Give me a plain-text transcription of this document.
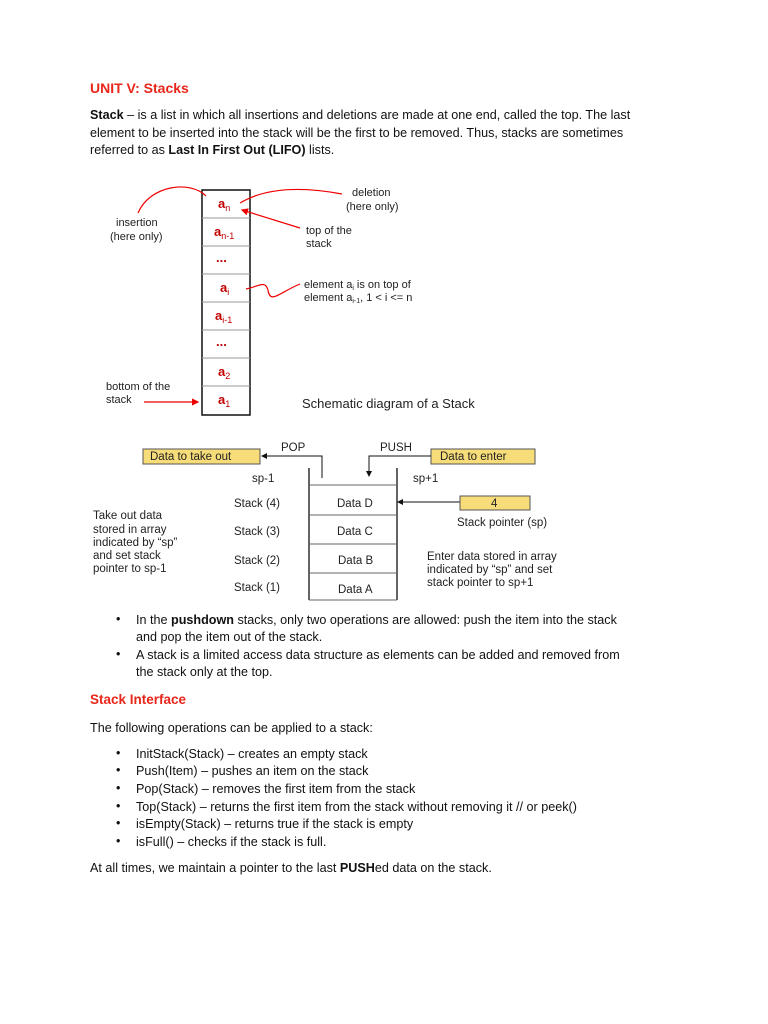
UNIT V: Stacks
Stack – is a list in which all insertions and deletions are made at one end, called the top. The last
element to be inserted into the stack will be the first to be removed. Thus, stacks are sometimes
referred to as Last In First Out (LIFO) lists.
$a_n$
$a_{n-1}$
...
$a_i$
$a_{i-1}$
...
$a_2$
$a_1$
insertion
(here only)
deletion
(here only)
top of the
stack
element ai is on top of
element ai-1, 1 < i <= n
bottom of the
stack	Schematic diagram of a Stack
Data to take out	Data to enter
POP	PUSH
sp-1	sp+1
Stack (4)	Data D
Stack (3)	Data C
Stack (2)	Data B
Stack (1)	Data A
4
Stack pointer (sp)
Take out data
stored in array
indicated by “sp”
and set stack
pointer to sp-1
Enter data stored in array
indicated by “sp” and set
stack pointer to sp+1
• In the pushdown stacks, only two operations are allowed: push the item into the stack
and pop the item out of the stack.
• A stack is a limited access data structure as elements can be added and removed from
the stack only at the top.
Stack Interface
The following operations can be applied to a stack:
• InitStack(Stack) – creates an empty stack
• Push(Item) – pushes an item on the stack
• Pop(Stack) – removes the first item from the stack
• Top(Stack) – returns the first item from the stack without removing it // or peek()
• isEmpty(Stack) – returns true if the stack is empty
• isFull() – checks if the stack is full.
At all times, we maintain a pointer to the last PUSHed data on the stack.
